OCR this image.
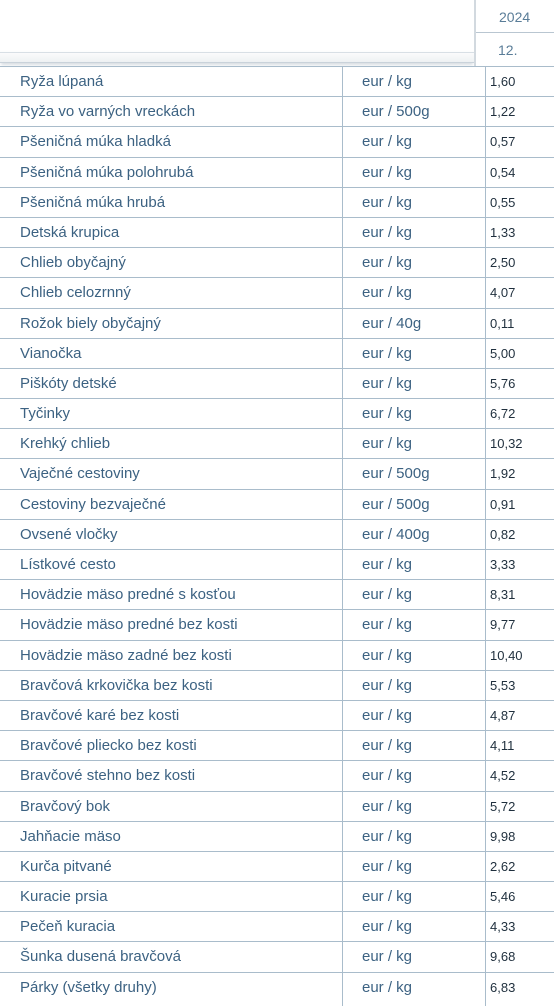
2024
12.
Ryža lúpaná	eur / kg	1,60
Ryža vo varných vreckách	eur / 500g	1,22
Pšeničná múka hladká	eur / kg	0,57
Pšeničná múka polohrubá	eur / kg	0,54
Pšeničná múka hrubá	eur / kg	0,55
Detská krupica	eur / kg	1,33
Chlieb obyčajný	eur / kg	2,50
Chlieb celozrnný	eur / kg	4,07
Rožok biely obyčajný	eur / 40g	0,11
Vianočka	eur / kg	5,00
Piškóty detské	eur / kg	5,76
Tyčinky	eur / kg	6,72
Krehký chlieb	eur / kg	10,32
Vaječné cestoviny	eur / 500g	1,92
Cestoviny bezvaječné	eur / 500g	0,91
Ovsené vločky	eur / 400g	0,82
Lístkové cesto	eur / kg	3,33
Hovädzie mäso predné s kosťou	eur / kg	8,31
Hovädzie mäso predné bez kosti	eur / kg	9,77
Hovädzie mäso zadné bez kosti	eur / kg	10,40
Bravčová krkovička bez kosti	eur / kg	5,53
Bravčové karé bez kosti	eur / kg	4,87
Bravčové pliecko bez kosti	eur / kg	4,11
Bravčové stehno bez kosti	eur / kg	4,52
Bravčový bok	eur / kg	5,72
Jahňacie mäso	eur / kg	9,98
Kurča pitvané	eur / kg	2,62
Kuracie prsia	eur / kg	5,46
Pečeň kuracia	eur / kg	4,33
Šunka dusená bravčová	eur / kg	9,68
Párky (všetky druhy)	eur / kg	6,83
